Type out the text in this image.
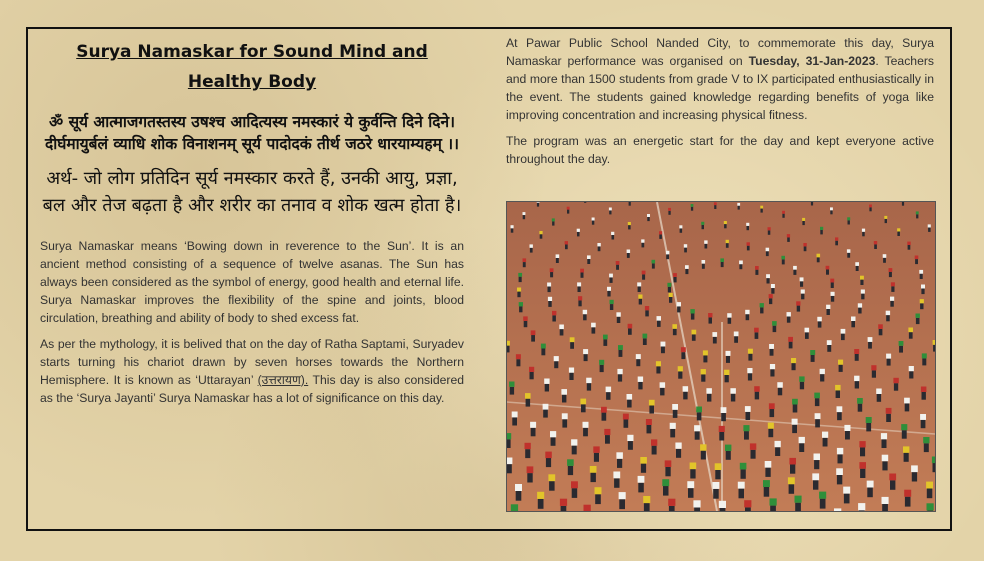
Surya Namaskar for Sound Mind and Healthy Body

ॐ सूर्य आत्माजगतस्तस्य उषश्च आदित्यस्य नमस्कारं ये कुर्वन्ति दिने दिने।

दीर्घमायुर्बलं व्याधि शोक विनाशनम् सूर्य पादोदकं तीर्थ जठरे धारयाम्यहम् ।।

अर्थ- जो लोग प्रतिदिन सूर्य नमस्कार करते हैं, उनकी आयु, प्रज्ञा, बल और तेज बढ़ता है और शरीर का तनाव व शोक खत्म होता है।

Surya Namaskar means ‘Bowing down in reverence to the Sun’. It is an ancient method consisting of a sequence of twelve asanas. The Sun has always been considered as the symbol of energy, good health and eternal life. Surya Namaskar improves the flexibility of the spine and joints, blood circulation, breathing and ability of body to shed excess fat.

As per the mythology, it is belived that on the day of Ratha Saptami, Suryadev starts turning his chariot drawn by seven horses towards the Northern Hemisphere. It is known as ‘Uttarayan’ (उत्तरायण). This day is also considered as the ‘Surya Jayanti’ Surya Namaskar has a lot of significance on this day.

At Pawar Public School Nanded City, to commemorate this day, Surya Namaskar performance was organised on Tuesday, 31-Jan-2023. Teachers and more than 1500 students from grade V to IX participated enthusiastically in the event. The students gained knowledge regarding benefits of yoga like improving concentration and increasing physical fitness.

The program was an energetic start for the day and kept everyone active throughout the day.
